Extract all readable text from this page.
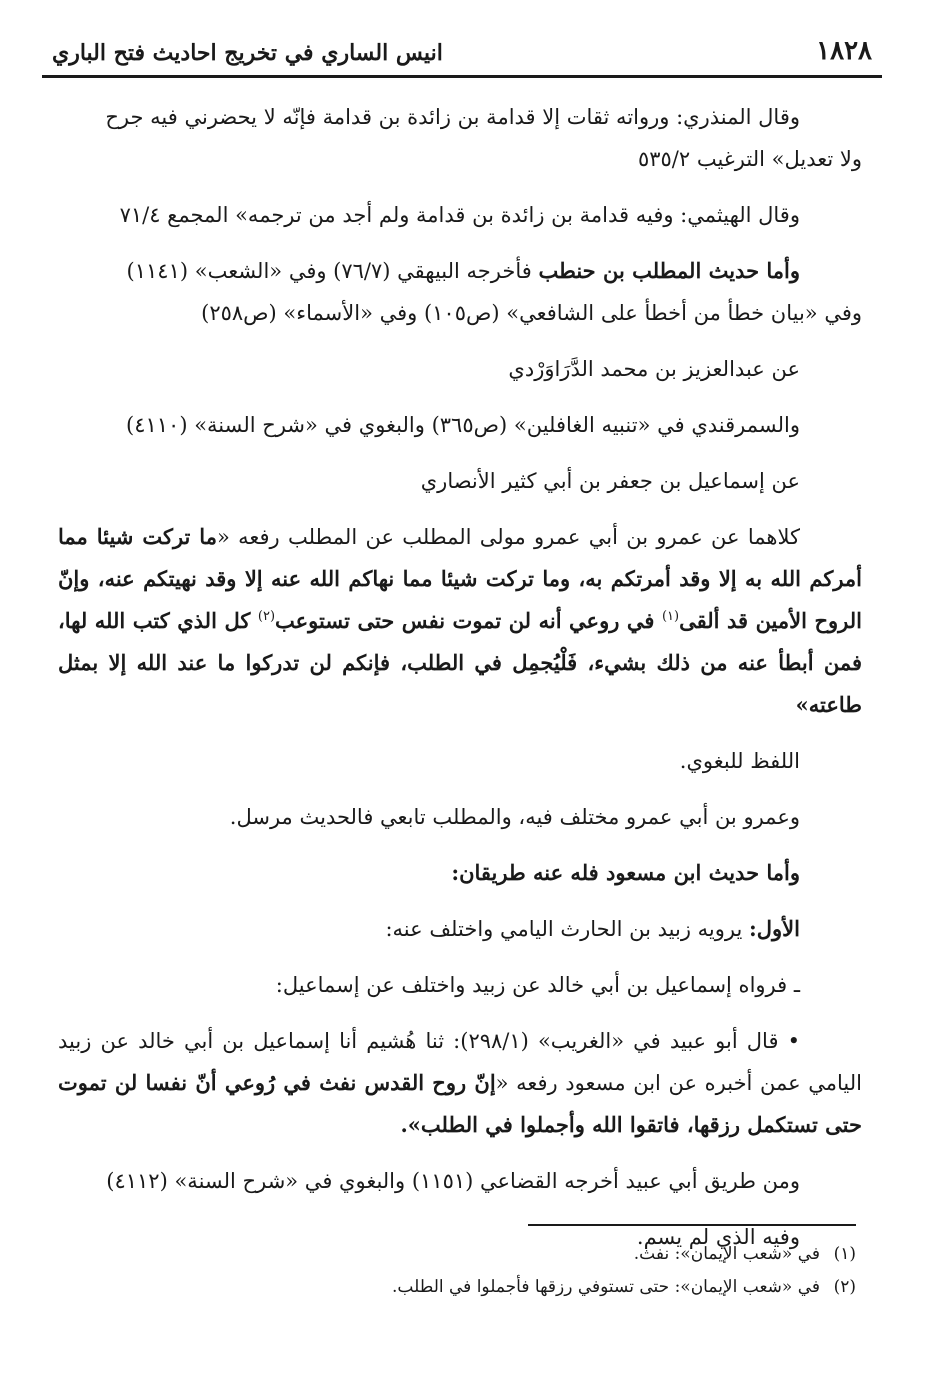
١٨٢٨
انيس الساري في تخريج احاديث فتح الباري

وقال المنذري: ورواته ثقات إلا قدامة بن زائدة بن قدامة فإنّه لا يحضرني فيه جرح

ولا تعديل» الترغيب ٥٣٥/٢

وقال الهيثمي: وفيه قدامة بن زائدة بن قدامة ولم أجد من ترجمه» المجمع ٧١/٤

وأما حديث المطلب بن حنطب فأخرجه البيهقي (٧٦/٧) وفي «الشعب» (١١٤١)

وفي «بيان خطأ من أخطأ على الشافعي» (ص١٠٥) وفي «الأسماء» (ص٢٥٨)

عن عبدالعزيز بن محمد الدَّرَاوَرْدي

والسمرقندي في «تنبيه الغافلين» (ص٣٦٥) والبغوي في «شرح السنة» (٤١١٠)

عن إسماعيل بن جعفر بن أبي كثير الأنصاري

كلاهما عن عمرو بن أبي عمرو مولى المطلب عن المطلب رفعه «ما تركت شيئا مما أمركم الله به إلا وقد أمرتكم به، وما تركت شيئا مما نهاكم الله عنه إلا وقد نهيتكم عنه، وإنّ الروح الأمين قد ألقى$^{(١)}$ في روعي أنه لن تموت نفس حتى تستوعب$^{(٢)}$ كل الذي كتب الله لها، فمن أبطأ عنه من ذلك بشيء، فَلْيُجمِل في الطلب، فإنكم لن تدركوا ما عند الله إلا بمثل طاعته»

اللفظ للبغوي.

وعمرو بن أبي عمرو مختلف فيه، والمطلب تابعي فالحديث مرسل.

وأما حديث ابن مسعود فله عنه طريقان:

الأول: يرويه زبيد بن الحارث اليامي واختلف عنه:

ـ فرواه إسماعيل بن أبي خالد عن زبيد واختلف عن إسماعيل:

• قال أبو عبيد في «الغريب» (٢٩٨/١): ثنا هُشيم أنا إسماعيل بن أبي خالد عن زبيد اليامي عمن أخبره عن ابن مسعود رفعه «إنّ روح القدس نفث في رُوعي أنّ نفسا لن تموت حتى تستكمل رزقها، فاتقوا الله وأجملوا في الطلب».

ومن طريق أبي عبيد أخرجه القضاعي (١١٥١) والبغوي في «شرح السنة» (٤١١٢)

وفيه الذي لم يسم.

(١)في «شعب الإيمان»: نفث.
(٢)في «شعب الإيمان»: حتى تستوفي رزقها فأجملوا في الطلب.
